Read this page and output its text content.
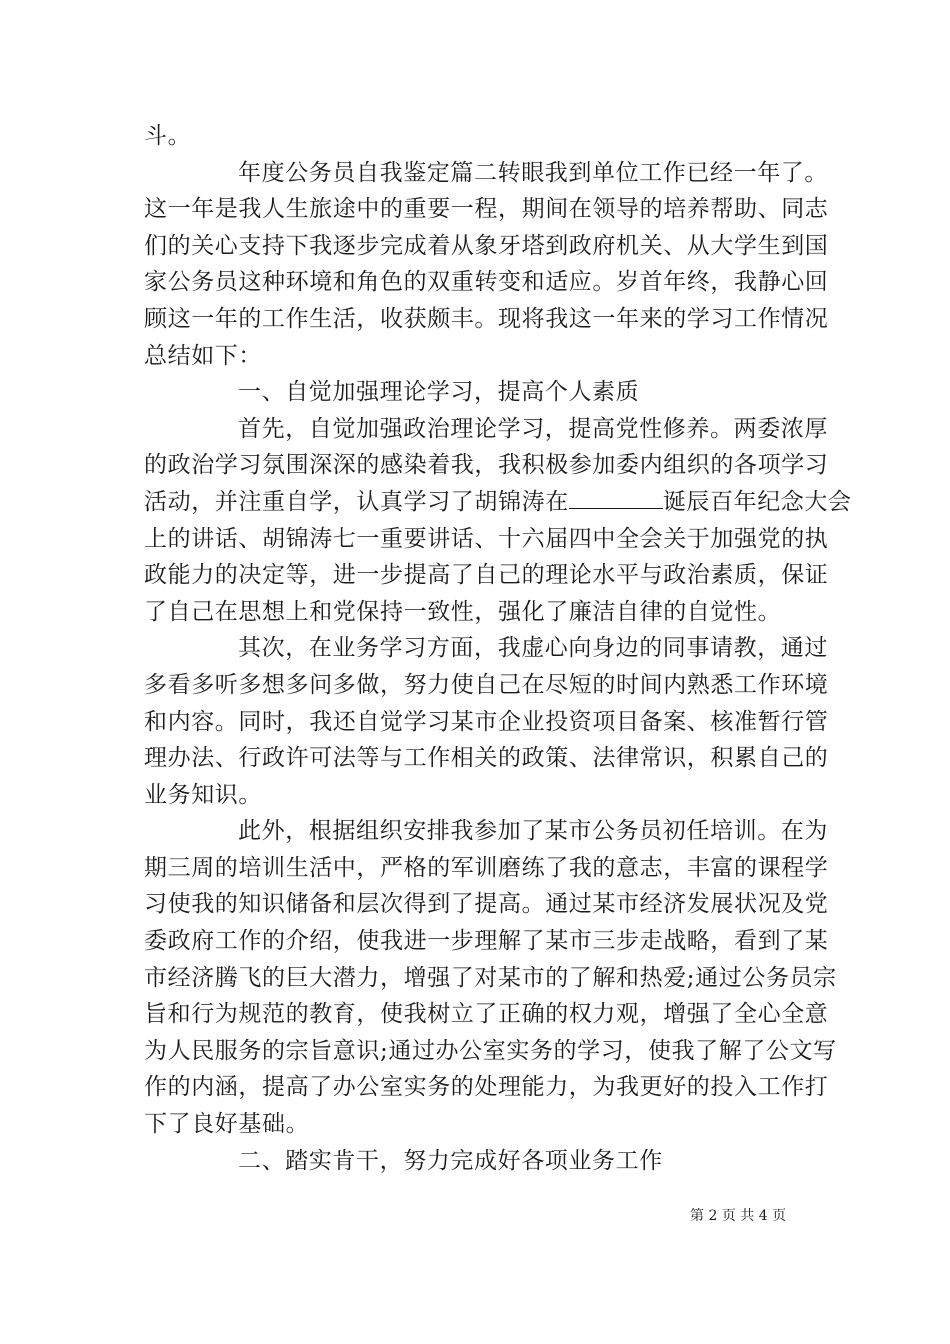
斗。
年度公务员自我鉴定篇二转眼我到单位工作已经一年了。
这一年是我人生旅途中的重要一程，期间在领导的培养帮助、同志
们的关心支持下我逐步完成着从象牙塔到政府机关、从大学生到国
家公务员这种环境和角色的双重转变和适应。岁首年终，我静心回
顾这一年的工作生活，收获颇丰。现将我这一年来的学习工作情况
总结如下：
一、自觉加强理论学习，提高个人素质
首先，自觉加强政治理论学习，提高党性修养。两委浓厚
的政治学习氛围深深的感染着我，我积极参加委内组织的各项学习
活动，并注重自学，认真学习了胡锦涛在	诞辰百年纪念大会
上的讲话、胡锦涛七一重要讲话、十六届四中全会关于加强党的执
政能力的决定等，进一步提高了自己的理论水平与政治素质，保证
了自己在思想上和党保持一致性，强化了廉洁自律的自觉性。
其次，在业务学习方面，我虚心向身边的同事请教，通过
多看多听多想多问多做，努力使自己在尽短的时间内熟悉工作环境
和内容。同时，我还自觉学习某市企业投资项目备案、核准暂行管
理办法、行政许可法等与工作相关的政策、法律常识，积累自己的
业务知识。
此外，根据组织安排我参加了某市公务员初任培训。在为
期三周的培训生活中，严格的军训磨练了我的意志，丰富的课程学
习使我的知识储备和层次得到了提高。通过某市经济发展状况及党
委政府工作的介绍，使我进一步理解了某市三步走战略，看到了某
市经济腾飞的巨大潜力，增强了对某市的了解和热爱;通过公务员宗
旨和行为规范的教育，使我树立了正确的权力观，增强了全心全意
为人民服务的宗旨意识;通过办公室实务的学习，使我了解了公文写
作的内涵，提高了办公室实务的处理能力，为我更好的投入工作打
下了良好基础。
二、踏实肯干，努力完成好各项业务工作
第 2 页 共 4 页
